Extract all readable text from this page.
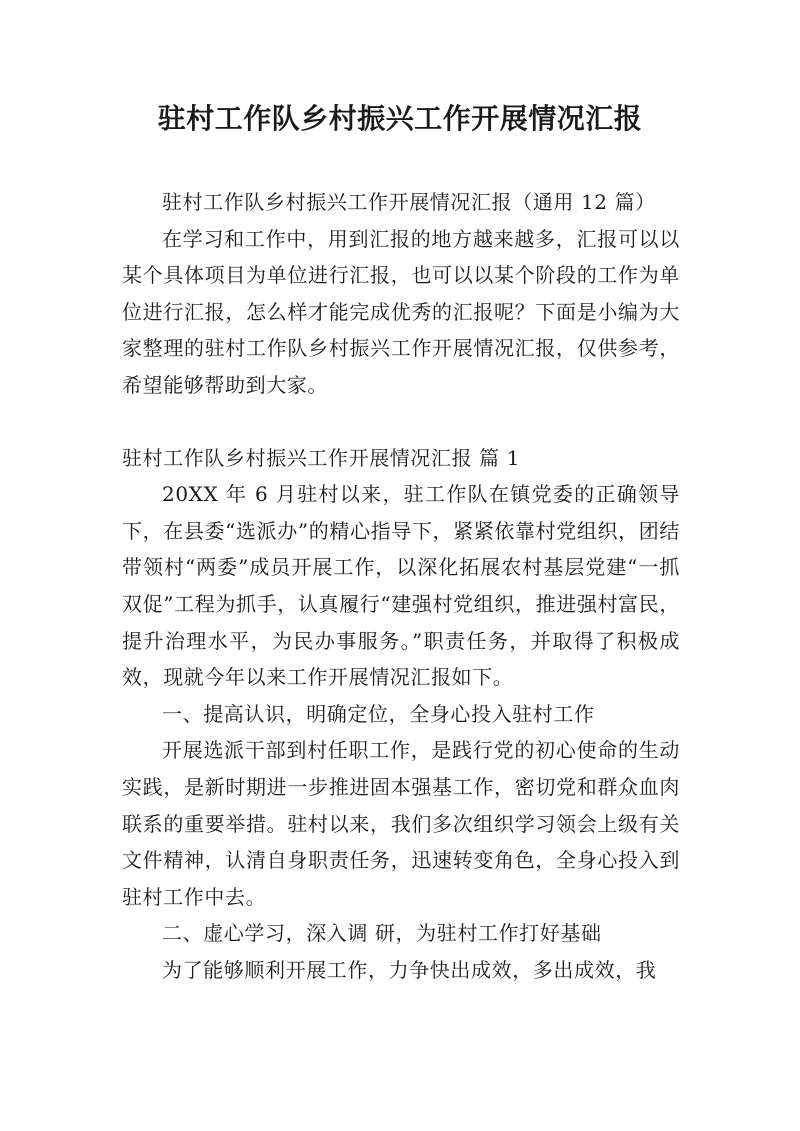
驻村工作队乡村振兴工作开展情况汇报

驻村工作队乡村振兴工作开展情况汇报（通用 12 篇）

在学习和工作中，用到汇报的地方越来越多，汇报可以以某个具体项目为单位进行汇报，也可以以某个阶段的工作为单位进行汇报，怎么样才能完成优秀的汇报呢？下面是小编为大家整理的驻村工作队乡村振兴工作开展情况汇报，仅供参考，希望能够帮助到大家。

驻村工作队乡村振兴工作开展情况汇报 篇 1

20XX 年 6 月驻村以来，驻工作队在镇党委的正确领导下，在县委“选派办”的精心指导下，紧紧依靠村党组织，团结带领村“两委”成员开展工作，以深化拓展农村基层党建“一抓双促”工程为抓手，认真履行“建强村党组织，推进强村富民，提升治理水平，为民办事服务。”职责任务，并取得了积极成效，现就今年以来工作开展情况汇报如下。

一、提高认识，明确定位，全身心投入驻村工作

开展选派干部到村任职工作，是践行党的初心使命的生动实践，是新时期进一步推进固本强基工作，密切党和群众血肉联系的重要举措。驻村以来，我们多次组织学习领会上级有关文件精神，认清自身职责任务，迅速转变角色，全身心投入到驻村工作中去。

二、虚心学习，深入调 研，为驻村工作打好基础

为了能够顺利开展工作，力争快出成效，多出成效，我
